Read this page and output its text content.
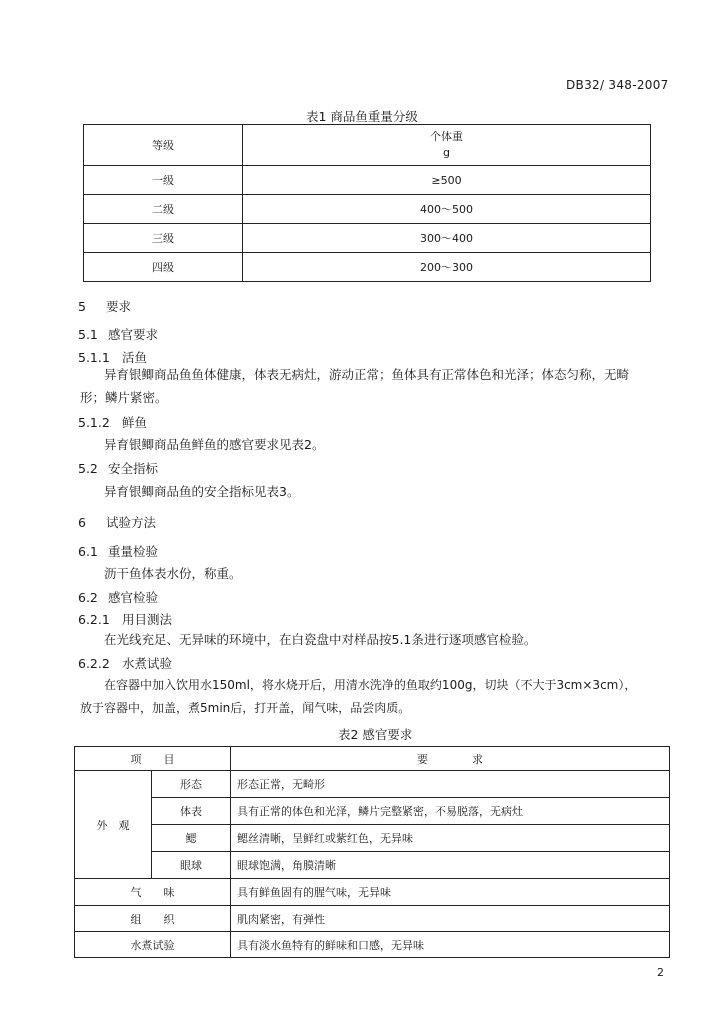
DB32/ 348-2007
表1 商品鱼重量分级
等级	个体重
g

一级	≥500
二级	400～500
三级	300～400
四级	200～300
5 要求
5.1 感官要求
5.1.1 活鱼
异育银鲫商品鱼鱼体健康，体表无病灶，游动正常；鱼体具有正常体色和光泽；体态匀称，无畸
形；鳞片紧密。
5.1.2 鲜鱼
异育银鲫商品鱼鲜鱼的感官要求见表2。
5.2 安全指标
异育银鲫商品鱼的安全指标见表3。
6 试验方法
6.1 重量检验
沥干鱼体表水份，称重。
6.2 感官检验
6.2.1 用目测法
在光线充足、无异味的环境中，在白瓷盘中对样品按5.1条进行逐项感官检验。
6.2.2 水煮试验
在容器中加入饮用水150ml，将水烧开后，用清水洗净的鱼取约100g，切块（不大于3cm×3cm），
放于容器中，加盖，煮5min后，打开盖，闻气味，品尝肉质。
表2 感官要求
项　　目		要　　　　求
外　观	形态	形态正常，无畸形
	体表	具有正常的体色和光泽，鳞片完整紧密，不易脱落，无病灶
	鳃	鳃丝清晰，呈鲜红或紫红色，无异味
	眼球	眼球饱满，角膜清晰
气　　味		具有鲜鱼固有的腥气味，无异味
组　　织		肌肉紧密，有弹性
水煮试验		具有淡水鱼特有的鲜味和口感，无异味
2
